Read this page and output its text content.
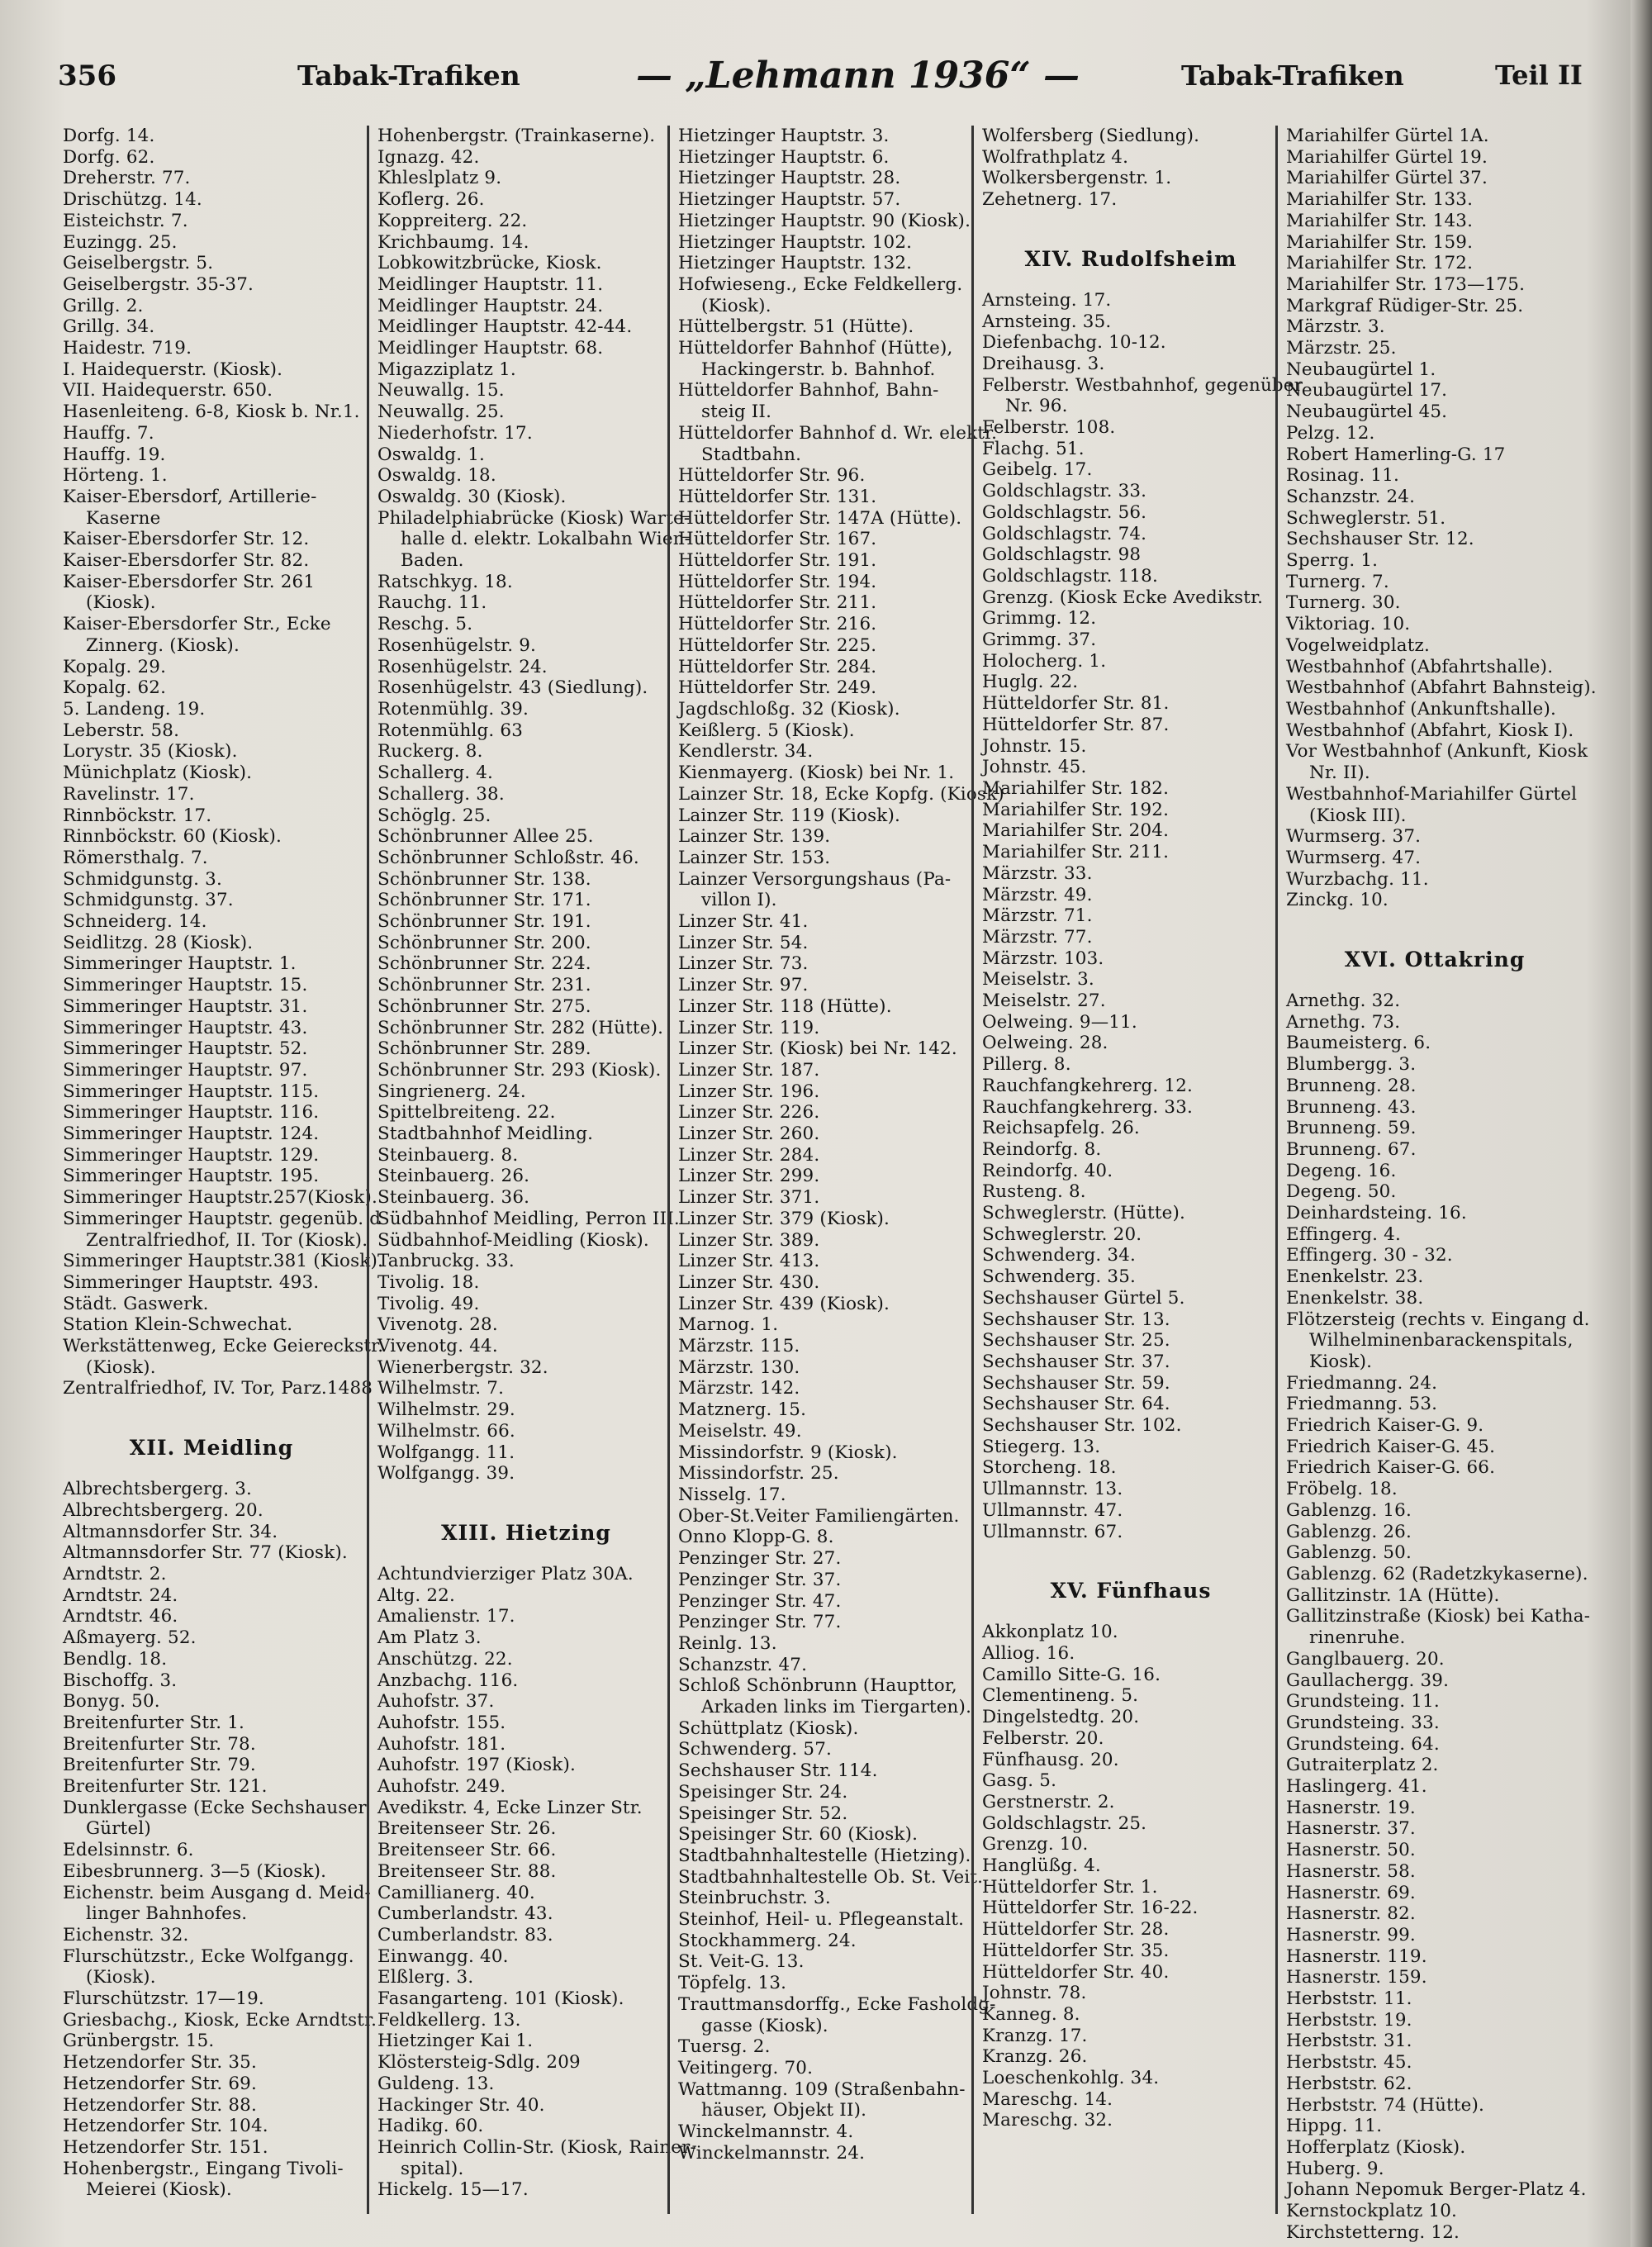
356	Tabak-Trafiken	— „Lehmann 1936“ —	Tabak-Trafiken	Teil II
Dorfg. 14.
Dorfg. 62.
Dreherstr. 77.
Drischützg. 14.
Eisteichstr. 7.
Euzingg. 25.
Geiselbergstr. 5.
Geiselbergstr. 35-37.
Grillg. 2.
Grillg. 34.
Haidestr. 719.
I. Haidequerstr. (Kiosk).
VII. Haidequerstr. 650.
Hasenleiteng. 6-8, Kiosk b. Nr.1.
Hauffg. 7.
Hauffg. 19.
Hörteng. 1.
Kaiser-Ebersdorf, Artillerie-
Kaserne
Kaiser-Ebersdorfer Str. 12.
Kaiser-Ebersdorfer Str. 82.
Kaiser-Ebersdorfer Str. 261
(Kiosk).
Kaiser-Ebersdorfer Str., Ecke
Zinnerg. (Kiosk).
Kopalg. 29.
Kopalg. 62.
5. Landeng. 19.
Leberstr. 58.
Lorystr. 35 (Kiosk).
Münichplatz (Kiosk).
Ravelinstr. 17.
Rinnböckstr. 17.
Rinnböckstr. 60 (Kiosk).
Römersthalg. 7.
Schmidgunstg. 3.
Schmidgunstg. 37.
Schneiderg. 14.
Seidlitzg. 28 (Kiosk).
Simmeringer Hauptstr. 1.
Simmeringer Hauptstr. 15.
Simmeringer Hauptstr. 31.
Simmeringer Hauptstr. 43.
Simmeringer Hauptstr. 52.
Simmeringer Hauptstr. 97.
Simmeringer Hauptstr. 115.
Simmeringer Hauptstr. 116.
Simmeringer Hauptstr. 124.
Simmeringer Hauptstr. 129.
Simmeringer Hauptstr. 195.
Simmeringer Hauptstr.257(Kiosk).
Simmeringer Hauptstr. gegenüb. d
Zentralfriedhof, II. Tor (Kiosk).
Simmeringer Hauptstr.381 (Kiosk).
Simmeringer Hauptstr. 493.
Städt. Gaswerk.
Station Klein-Schwechat.
Werkstättenweg, Ecke Geiereckstr.
(Kiosk).
Zentralfriedhof, IV. Tor, Parz.1488
XII. Meidling
Albrechtsbergerg. 3.
Albrechtsbergerg. 20.
Altmannsdorfer Str. 34.
Altmannsdorfer Str. 77 (Kiosk).
Arndtstr. 2.
Arndtstr. 24.
Arndtstr. 46.
Aßmayerg. 52.
Bendlg. 18.
Bischoffg. 3.
Bonyg. 50.
Breitenfurter Str. 1.
Breitenfurter Str. 78.
Breitenfurter Str. 79.
Breitenfurter Str. 121.
Dunklergasse (Ecke Sechshauser
Gürtel)
Edelsinnstr. 6.
Eibesbrunnerg. 3—5 (Kiosk).
Eichenstr. beim Ausgang d. Meid-
linger Bahnhofes.
Eichenstr. 32.
Flurschützstr., Ecke Wolfgangg.
(Kiosk).
Flurschützstr. 17—19.
Griesbachg., Kiosk, Ecke Arndtstr.
Grünbergstr. 15.
Hetzendorfer Str. 35.
Hetzendorfer Str. 69.
Hetzendorfer Str. 88.
Hetzendorfer Str. 104.
Hetzendorfer Str. 151.
Hohenbergstr., Eingang Tivoli-
Meierei (Kiosk).
Hohenbergstr. (Trainkaserne).
Ignazg. 42.
Khleslplatz 9.
Koflerg. 26.
Koppreiterg. 22.
Krichbaumg. 14.
Lobkowitzbrücke, Kiosk.
Meidlinger Hauptstr. 11.
Meidlinger Hauptstr. 24.
Meidlinger Hauptstr. 42-44.
Meidlinger Hauptstr. 68.
Migazziplatz 1.
Neuwallg. 15.
Neuwallg. 25.
Niederhofstr. 17.
Oswaldg. 1.
Oswaldg. 18.
Oswaldg. 30 (Kiosk).
Philadelphiabrücke (Kiosk) Warte-
halle d. elektr. Lokalbahn Wien-
Baden.
Ratschkyg. 18.
Rauchg. 11.
Reschg. 5.
Rosenhügelstr. 9.
Rosenhügelstr. 24.
Rosenhügelstr. 43 (Siedlung).
Rotenmühlg. 39.
Rotenmühlg. 63
Ruckerg. 8.
Schallerg. 4.
Schallerg. 38.
Schöglg. 25.
Schönbrunner Allee 25.
Schönbrunner Schloßstr. 46.
Schönbrunner Str. 138.
Schönbrunner Str. 171.
Schönbrunner Str. 191.
Schönbrunner Str. 200.
Schönbrunner Str. 224.
Schönbrunner Str. 231.
Schönbrunner Str. 275.
Schönbrunner Str. 282 (Hütte).
Schönbrunner Str. 289.
Schönbrunner Str. 293 (Kiosk).
Singrienerg. 24.
Spittelbreiteng. 22.
Stadtbahnhof Meidling.
Steinbauerg. 8.
Steinbauerg. 26.
Steinbauerg. 36.
Südbahnhof Meidling, Perron III.
Südbahnhof-Meidling (Kiosk).
Tanbruckg. 33.
Tivolig. 18.
Tivolig. 49.
Vivenotg. 28.
Vivenotg. 44.
Wienerbergstr. 32.
Wilhelmstr. 7.
Wilhelmstr. 29.
Wilhelmstr. 66.
Wolfgangg. 11.
Wolfgangg. 39.
XIII. Hietzing
Achtundvierziger Platz 30A.
Altg. 22.
Amalienstr. 17.
Am Platz 3.
Anschützg. 22.
Anzbachg. 116.
Auhofstr. 37.
Auhofstr. 155.
Auhofstr. 181.
Auhofstr. 197 (Kiosk).
Auhofstr. 249.
Avedikstr. 4, Ecke Linzer Str.
Breitenseer Str. 26.
Breitenseer Str. 66.
Breitenseer Str. 88.
Camillianerg. 40.
Cumberlandstr. 43.
Cumberlandstr. 83.
Einwangg. 40.
Elßlerg. 3.
Fasangarteng. 101 (Kiosk).
Feldkellerg. 13.
Hietzinger Kai 1.
Klöstersteig-Sdlg. 209
Guldeng. 13.
Hackinger Str. 40.
Hadikg. 60.
Heinrich Collin-Str. (Kiosk, Rainer-
spital).
Hickelg. 15—17.
Hietzinger Hauptstr. 3.
Hietzinger Hauptstr. 6.
Hietzinger Hauptstr. 28.
Hietzinger Hauptstr. 57.
Hietzinger Hauptstr. 90 (Kiosk).
Hietzinger Hauptstr. 102.
Hietzinger Hauptstr. 132.
Hofwieseng., Ecke Feldkellerg.
(Kiosk).
Hüttelbergstr. 51 (Hütte).
Hütteldorfer Bahnhof (Hütte),
Hackingerstr. b. Bahnhof.
Hütteldorfer Bahnhof, Bahn-
steig II.
Hütteldorfer Bahnhof d. Wr. elektr.
Stadtbahn.
Hütteldorfer Str. 96.
Hütteldorfer Str. 131.
Hütteldorfer Str. 147A (Hütte).
Hütteldorfer Str. 167.
Hütteldorfer Str. 191.
Hütteldorfer Str. 194.
Hütteldorfer Str. 211.
Hütteldorfer Str. 216.
Hütteldorfer Str. 225.
Hütteldorfer Str. 284.
Hütteldorfer Str. 249.
Jagdschloßg. 32 (Kiosk).
Keißlerg. 5 (Kiosk).
Kendlerstr. 34.
Kienmayerg. (Kiosk) bei Nr. 1.
Lainzer Str. 18, Ecke Kopfg. (Kiosk)
Lainzer Str. 119 (Kiosk).
Lainzer Str. 139.
Lainzer Str. 153.
Lainzer Versorgungshaus (Pa-
villon I).
Linzer Str. 41.
Linzer Str. 54.
Linzer Str. 73.
Linzer Str. 97.
Linzer Str. 118 (Hütte).
Linzer Str. 119.
Linzer Str. (Kiosk) bei Nr. 142.
Linzer Str. 187.
Linzer Str. 196.
Linzer Str. 226.
Linzer Str. 260.
Linzer Str. 284.
Linzer Str. 299.
Linzer Str. 371.
Linzer Str. 379 (Kiosk).
Linzer Str. 389.
Linzer Str. 413.
Linzer Str. 430.
Linzer Str. 439 (Kiosk).
Marnog. 1.
Märzstr. 115.
Märzstr. 130.
Märzstr. 142.
Matznerg. 15.
Meiselstr. 49.
Missindorfstr. 9 (Kiosk).
Missindorfstr. 25.
Nisselg. 17.
Ober-St.Veiter Familiengärten.
Onno Klopp-G. 8.
Penzinger Str. 27.
Penzinger Str. 37.
Penzinger Str. 47.
Penzinger Str. 77.
Reinlg. 13.
Schanzstr. 47.
Schloß Schönbrunn (Haupttor,
Arkaden links im Tiergarten).
Schüttplatz (Kiosk).
Schwenderg. 57.
Sechshauser Str. 114.
Speisinger Str. 24.
Speisinger Str. 52.
Speisinger Str. 60 (Kiosk).
Stadtbahnhaltestelle (Hietzing).
Stadtbahnhaltestelle Ob. St. Veit.
Steinbruchstr. 3.
Steinhof, Heil- u. Pflegeanstalt.
Stockhammerg. 24.
St. Veit-G. 13.
Töpfelg. 13.
Trauttmansdorffg., Ecke Fasholdg-
gasse (Kiosk).
Tuersg. 2.
Veitingerg. 70.
Wattmanng. 109 (Straßenbahn-
häuser, Objekt II).
Winckelmannstr. 4.
Winckelmannstr. 24.
Wolfersberg (Siedlung).
Wolfrathplatz 4.
Wolkersbergenstr. 1.
Zehetnerg. 17.
XIV. Rudolfsheim
Arnsteing. 17.
Arnsteing. 35.
Diefenbachg. 10-12.
Dreihausg. 3.
Felberstr. Westbahnhof, gegenüber
Nr. 96.
Felberstr. 108.
Flachg. 51.
Geibelg. 17.
Goldschlagstr. 33.
Goldschlagstr. 56.
Goldschlagstr. 74.
Goldschlagstr. 98
Goldschlagstr. 118.
Grenzg. (Kiosk Ecke Avedikstr.
Grimmg. 12.
Grimmg. 37.
Holocherg. 1.
Huglg. 22.
Hütteldorfer Str. 81.
Hütteldorfer Str. 87.
Johnstr. 15.
Johnstr. 45.
Mariahilfer Str. 182.
Mariahilfer Str. 192.
Mariahilfer Str. 204.
Mariahilfer Str. 211.
Märzstr. 33.
Märzstr. 49.
Märzstr. 71.
Märzstr. 77.
Märzstr. 103.
Meiselstr. 3.
Meiselstr. 27.
Oelweing. 9—11.
Oelweing. 28.
Pillerg. 8.
Rauchfangkehrerg. 12.
Rauchfangkehrerg. 33.
Reichsapfelg. 26.
Reindorfg. 8.
Reindorfg. 40.
Rusteng. 8.
Schweglerstr. (Hütte).
Schweglerstr. 20.
Schwenderg. 34.
Schwenderg. 35.
Sechshauser Gürtel 5.
Sechshauser Str. 13.
Sechshauser Str. 25.
Sechshauser Str. 37.
Sechshauser Str. 59.
Sechshauser Str. 64.
Sechshauser Str. 102.
Stiegerg. 13.
Storcheng. 18.
Ullmannstr. 13.
Ullmannstr. 47.
Ullmannstr. 67.
XV. Fünfhaus
Akkonplatz 10.
Alliog. 16.
Camillo Sitte-G. 16.
Clementineng. 5.
Dingelstedtg. 20.
Felberstr. 20.
Fünfhausg. 20.
Gasg. 5.
Gerstnerstr. 2.
Goldschlagstr. 25.
Grenzg. 10.
Hanglüßg. 4.
Hütteldorfer Str. 1.
Hütteldorfer Str. 16-22.
Hütteldorfer Str. 28.
Hütteldorfer Str. 35.
Hütteldorfer Str. 40.
Johnstr. 78.
Kanneg. 8.
Kranzg. 17.
Kranzg. 26.
Loeschenkohlg. 34.
Mareschg. 14.
Mareschg. 32.
Mariahilfer Gürtel 1A.
Mariahilfer Gürtel 19.
Mariahilfer Gürtel 37.
Mariahilfer Str. 133.
Mariahilfer Str. 143.
Mariahilfer Str. 159.
Mariahilfer Str. 172.
Mariahilfer Str. 173—175.
Markgraf Rüdiger-Str. 25.
Märzstr. 3.
Märzstr. 25.
Neubaugürtel 1.
Neubaugürtel 17.
Neubaugürtel 45.
Pelzg. 12.
Robert Hamerling-G. 17
Rosinag. 11.
Schanzstr. 24.
Schweglerstr. 51.
Sechshauser Str. 12.
Sperrg. 1.
Turnerg. 7.
Turnerg. 30.
Viktoriag. 10.
Vogelweidplatz.
Westbahnhof (Abfahrtshalle).
Westbahnhof (Abfahrt Bahnsteig).
Westbahnhof (Ankunftshalle).
Westbahnhof (Abfahrt, Kiosk I).
Vor Westbahnhof (Ankunft, Kiosk
Nr. II).
Westbahnhof-Mariahilfer Gürtel
(Kiosk III).
Wurmserg. 37.
Wurmserg. 47.
Wurzbachg. 11.
Zinckg. 10.
XVI. Ottakring
Arnethg. 32.
Arnethg. 73.
Baumeisterg. 6.
Blumbergg. 3.
Brunneng. 28.
Brunneng. 43.
Brunneng. 59.
Brunneng. 67.
Degeng. 16.
Degeng. 50.
Deinhardsteing. 16.
Effingerg. 4.
Effingerg. 30 - 32.
Enenkelstr. 23.
Enenkelstr. 38.
Flötzersteig (rechts v. Eingang d.
Wilhelminenbarackenspitals,
Kiosk).
Friedmanng. 24.
Friedmanng. 53.
Friedrich Kaiser-G. 9.
Friedrich Kaiser-G. 45.
Friedrich Kaiser-G. 66.
Fröbelg. 18.
Gablenzg. 16.
Gablenzg. 26.
Gablenzg. 50.
Gablenzg. 62 (Radetzkykaserne).
Gallitzinstr. 1A (Hütte).
Gallitzinstraße (Kiosk) bei Katha-
rinenruhe.
Ganglbauerg. 20.
Gaullachergg. 39.
Grundsteing. 11.
Grundsteing. 33.
Grundsteing. 64.
Gutraiterplatz 2.
Haslingerg. 41.
Hasnerstr. 19.
Hasnerstr. 37.
Hasnerstr. 50.
Hasnerstr. 58.
Hasnerstr. 69.
Hasnerstr. 82.
Hasnerstr. 99.
Hasnerstr. 119.
Hasnerstr. 159.
Herbststr. 11.
Herbststr. 19.
Herbststr. 31.
Herbststr. 45.
Herbststr. 62.
Herbststr. 74 (Hütte).
Hippg. 11.
Hofferplatz (Kiosk).
Huberg. 9.
Johann Nepomuk Berger-Platz 4.
Kernstockplatz 10.
Kirchstetterng. 12.
